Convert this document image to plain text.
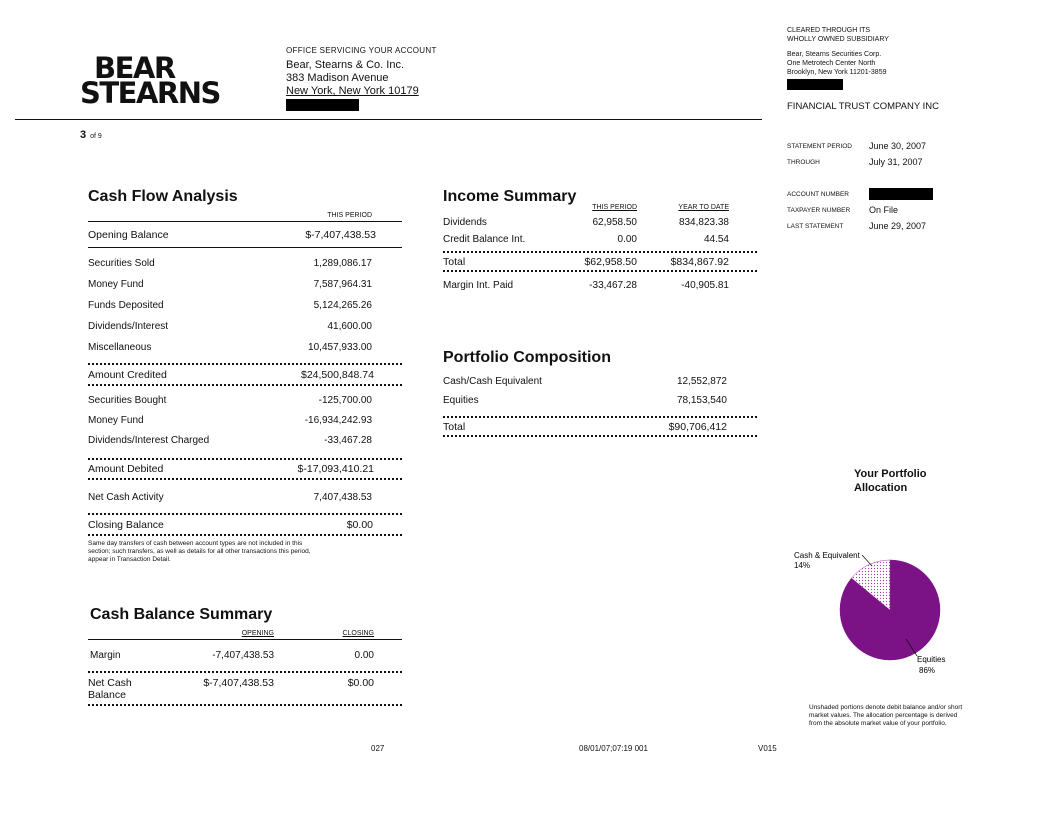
BEAR
STEARNS
OFFICE SERVICING YOUR ACCOUNT
Bear, Stearns & Co. Inc.
383 Madison Avenue
New York, New York 10179
3 of 9
CLEARED THROUGH ITS
WHOLLY OWNED SUBSIDIARY
Bear, Stearns Securities Corp.
One Metrotech Center North
Brooklyn, New York 11201-3859
FINANCIAL TRUST COMPANY INC
STATEMENT PERIOD	June 30, 2007
THROUGH	July 31, 2007
ACCOUNT NUMBER
TAXPAYER NUMBER	On File
LAST STATEMENT	June 29, 2007
Cash Flow Analysis
THIS PERIOD
Opening Balance	$-7,407,438.53
Securities Sold	1,289,086.17
Money Fund	7,587,964.31
Funds Deposited	5,124,265.26
Dividends/Interest	41,600.00
Miscellaneous	10,457,933.00
Amount Credited	$24,500,848.74
Securities Bought	-125,700.00
Money Fund	-16,934,242.93
Dividends/Interest Charged	-33,467.28
Amount Debited	$-17,093,410.21
Net Cash Activity	7,407,438.53
Closing Balance	$0.00
Same day transfers of cash between account types are not included in this
section; such transfers, as well as details for all other transactions this period,
appear in Transaction Detail.
Income Summary
THIS PERIOD	YEAR TO DATE
Dividends	62,958.50	834,823.38
Credit Balance Int.	0.00	44.54
Total	$62,958.50	$834,867.92
Margin Int. Paid	-33,467.28	-40,905.81
Portfolio Composition
Cash/Cash Equivalent	12,552,872
Equities	78,153,540
Total	$90,706,412
Cash Balance Summary
OPENING	CLOSING
Margin	-7,407,438.53	0.00
Net Cash Balance
$-7,407,438.53	$0.00
Your Portfolio
Allocation
Cash & Equivalent
14%
Equities
86%
Unshaded portions denote debit balance and/or short
market values. The allocation percentage is derived
from the absolute market value of your portfolio.
027	08/01/07;07:19 001	V015
